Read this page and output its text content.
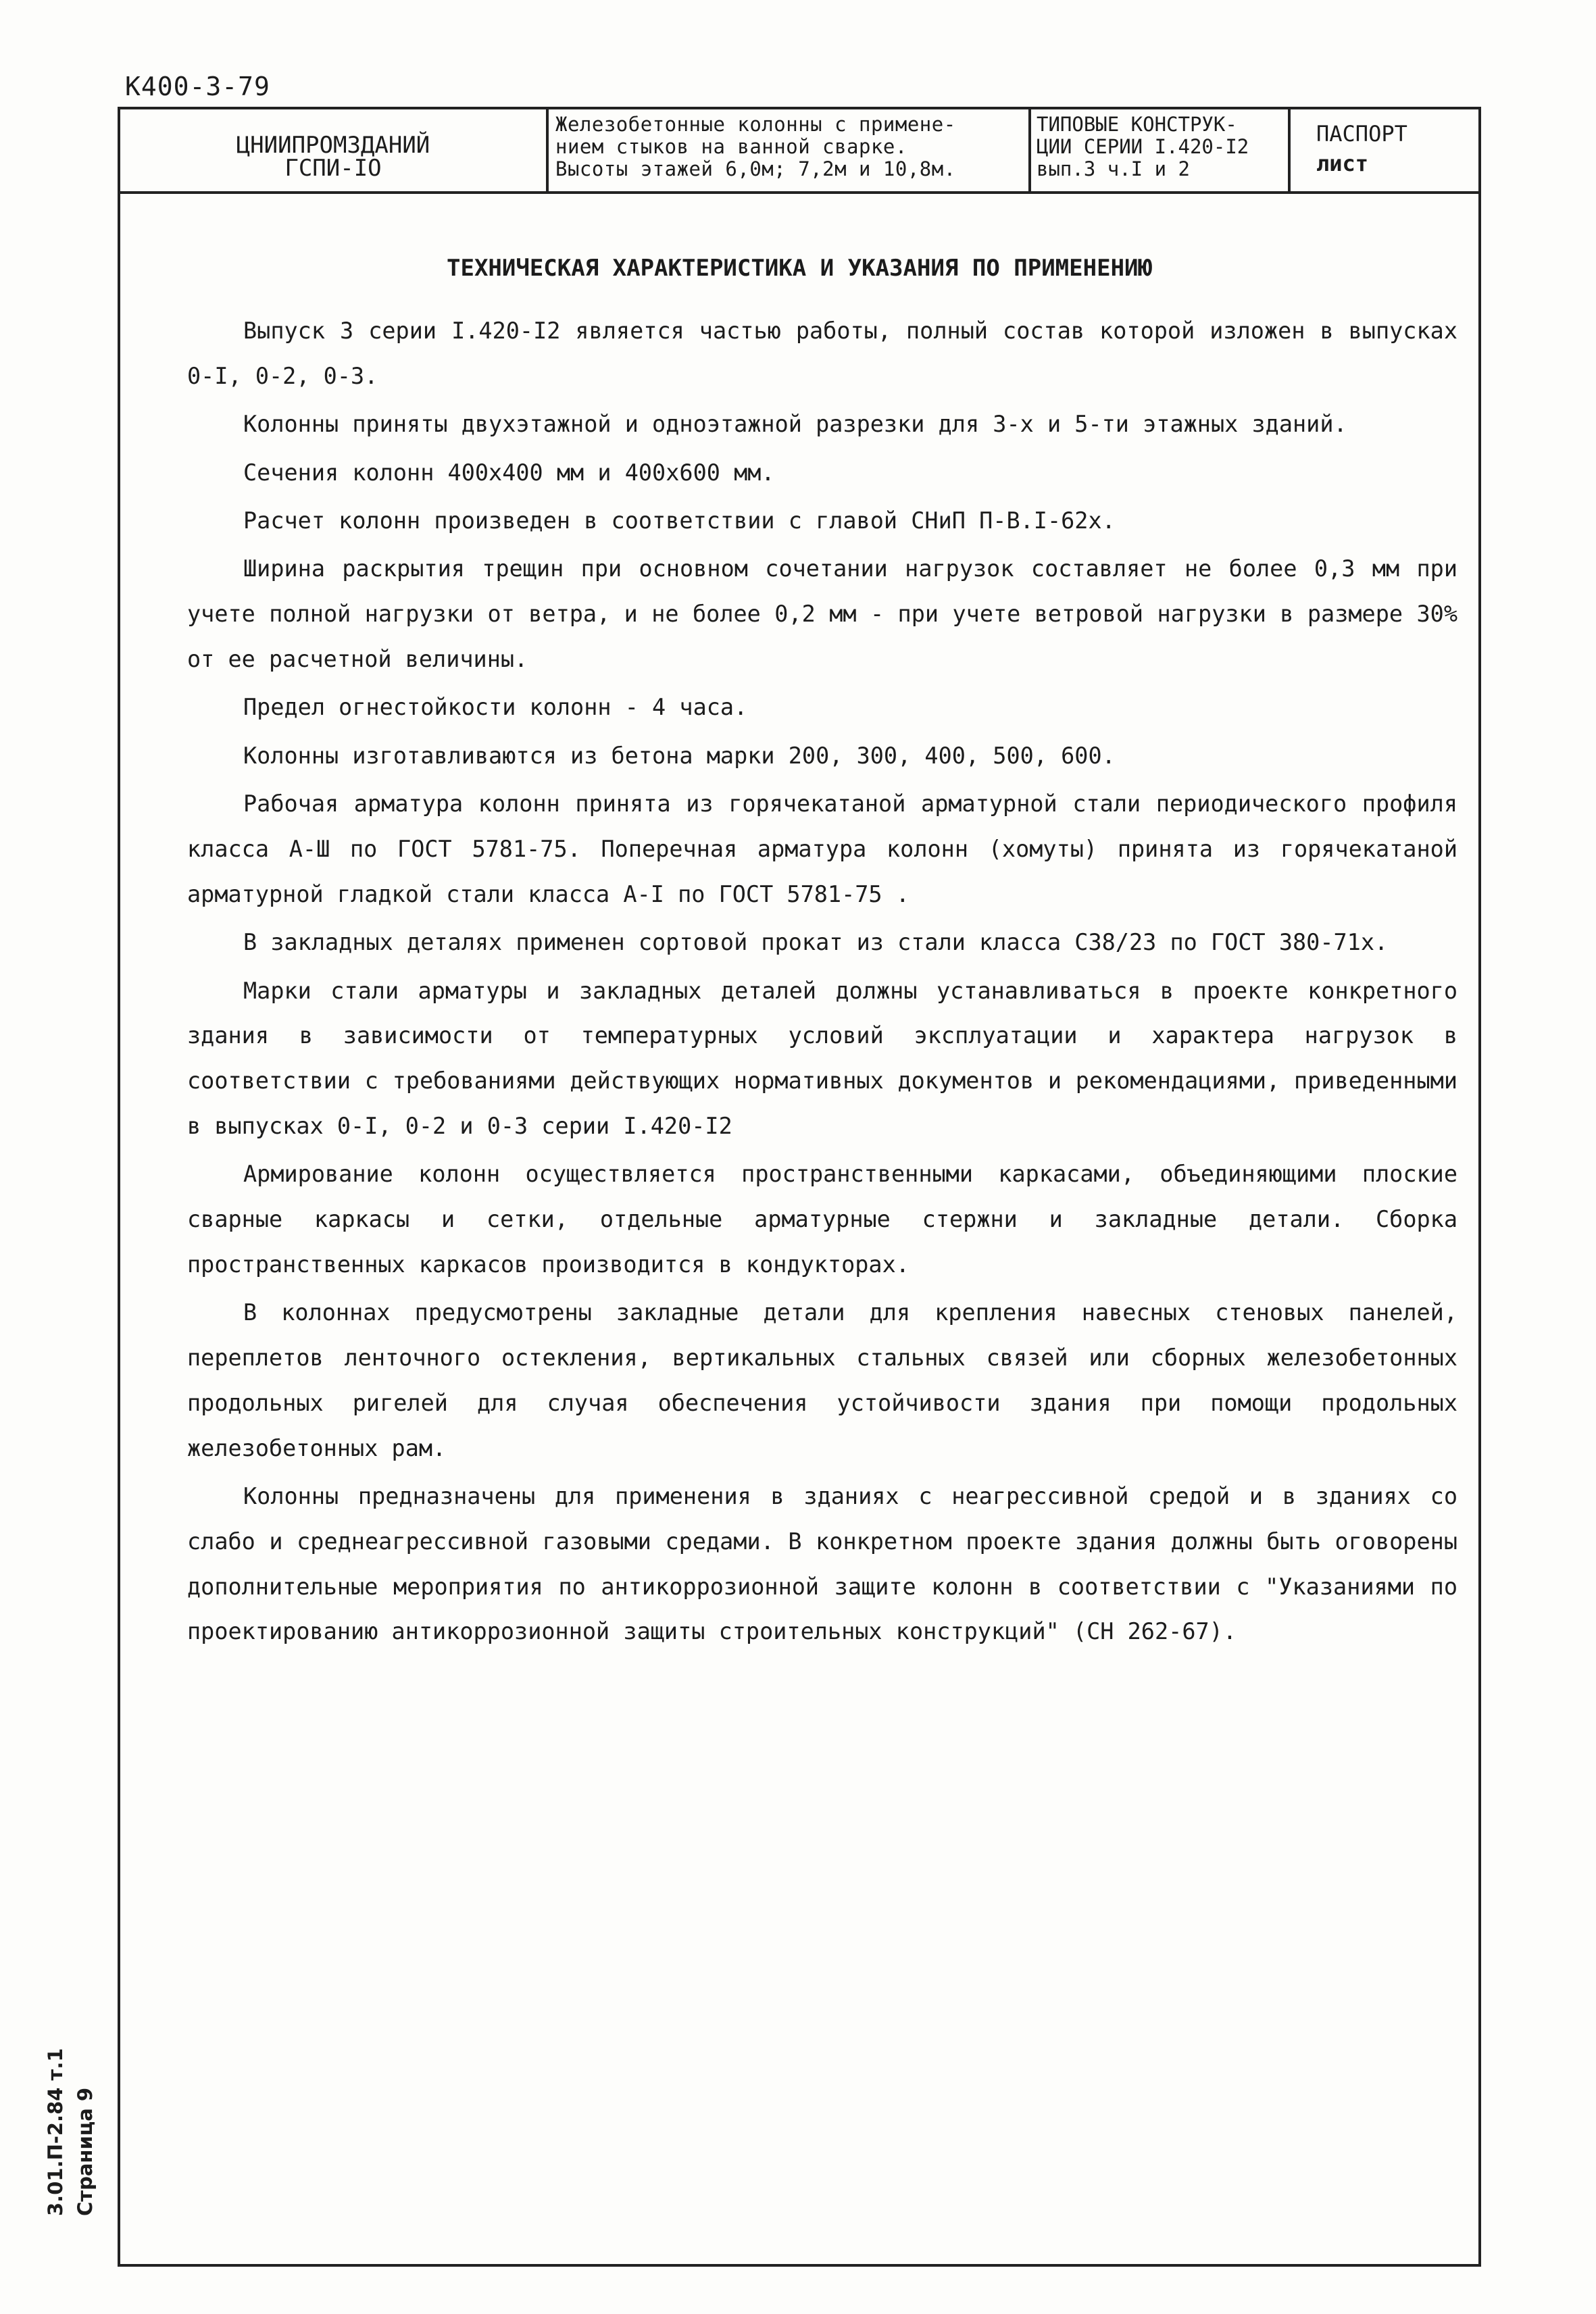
К400-3-79
ЦНИИПРОМЗДАНИЙ
ГСПИ-IO
Железобетонные колонны с примене-
нием стыков на ванной сварке.
Высоты этажей 6,0м; 7,2м и 10,8м.
ТИПОВЫЕ КОНСТРУК-
ЦИИ СЕРИИ I.420-I2
вып.3 ч.I и 2
ПАСПОРТ
лист
ТЕХНИЧЕСКАЯ ХАРАКТЕРИСТИКА И УКАЗАНИЯ ПО ПРИМЕНЕНИЮ

Выпуск 3 серии I.420-I2 является частью работы, полный состав которой изложен в выпусках 0-I, 0-2, 0-3.

Колонны приняты двухэтажной и одноэтажной разрезки для 3-х и 5-ти этажных зданий.

Сечения колонн 400х400 мм и 400х600 мм.

Расчет колонн произведен в соответствии с главой СНиП П-В.I-62х.

Ширина раскрытия трещин при основном сочетании нагрузок составляет не более 0,3 мм при учете полной нагрузки от ветра, и не более 0,2 мм - при учете ветровой нагрузки в размере 30% от ее расчетной величины.

Предел огнестойкости колонн - 4 часа.

Колонны изготавливаются из бетона марки 200, 300, 400, 500, 600.

Рабочая арматура колонн принята из горячекатаной арматурной стали периодического профиля класса А-Ш по ГОСТ 5781-75. Поперечная арматура колонн (хомуты) принята из горячекатаной арматурной гладкой стали класса А-I по ГОСТ 5781-75 .

В закладных деталях применен сортовой прокат из стали класса С38/23 по ГОСТ 380-71х.

Марки стали арматуры и закладных деталей должны устанавливаться в проекте конкретного здания в зависимости от температурных условий эксплуатации и характера нагрузок в соответствии с требованиями действующих нормативных документов и рекомендациями, приведенными в выпусках 0-I, 0-2 и 0-3 серии I.420-I2

Армирование колонн осуществляется пространственными каркасами, объединяющими плоские сварные каркасы и сетки, отдельные арматурные стержни и закладные детали. Сборка пространственных каркасов производится в кондукторах.

В колоннах предусмотрены закладные детали для крепления навесных стеновых панелей, переплетов ленточного остекления, вертикальных стальных связей или сборных железобетонных продольных ригелей для случая обеспечения устойчивости здания при помощи продольных железобетонных рам.

Колонны предназначены для применения в зданиях с неагрессивной средой и в зданиях со слабо и среднеагрессивной газовыми средами. В конкретном проекте здания должны быть оговорены дополнительные мероприятия по антикоррозионной защите колонн в соответствии с "Указаниями по проектированию антикоррозионной защиты строительных конструкций" (СН 262-67).

3.01.П-2.84 т.1 Страница 9
